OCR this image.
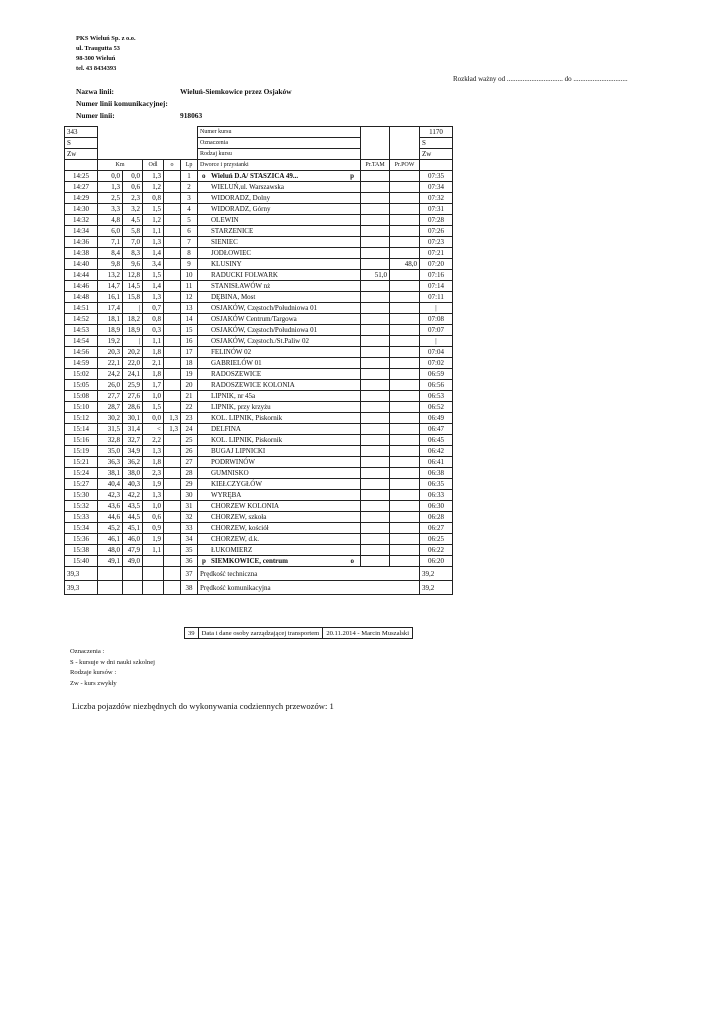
PKS Wieluń Sp. z o.o.
ul. Traugutta 53
98-300 Wieluń
tel. 43 8434393
Rozkład ważny od ................................ do ...............................
Nazwa linii:	Wieluń-Siemkowice przez Osjaków
Numer linii komunikacyjnej:
Numer linii:	918063
343						Numer kursu			1170
S						Oznaczenia			S
Zw						Rodzaj kursu			Zw
	Km		Odl	o	Lp	Dworce i przystanki	Pr.TAM	Pr.POW	
14:25	0,0	0,0	1,3		1	o Wieluń D.A/ STASZICA 49... p			07:35
14:27	1,3	0,6	1,2		2	WIELUŃ,ul. Warszawska			07:34
14:29	2,5	2,3	0,8		3	WIDORADZ, Dolny			07:32
14:30	3,3	3,2	1,5		4	WIDORADZ, Górny			07:31
14:32	4,8	4,5	1,2		5	OLEWIN			07:28
14:34	6,0	5,8	1,1		6	STARZENICE			07:26
14:36	7,1	7,0	1,3		7	SIENIEC			07:23
14:38	8,4	8,3	1,4		8	JODŁOWIEC			07:21
14:40	9,8	9,6	3,4		9	KLUSINY		48,0	07:20
14:44	13,2	12,8	1,5		10	RADUCKI FOLWARK	51,0		07:16
14:46	14,7	14,5	1,4		11	STANISŁAWÓW nż			07:14
14:48	16,1	15,8	1,3		12	DĘBINA, Most			07:11
14:51	17,4	|	0,7		13	OSJAKÓW, Częstoch/Południowa 01			|
14:52	18,1	18,2	0,8		14	OSJAKÓW Centrum/Targowa			07:08
14:53	18,9	18,9	0,3		15	OSJAKÓW, Częstoch/Południowa 01			07:07
14:54	19,2	|	1,1		16	OSJAKÓW, Częstoch./St.Paliw 02			|
14:56	20,3	20,2	1,8		17	FELINÓW 02			07:04
14:59	22,1	22,0	2,1		18	GABRIELÓW 01			07:02
15:02	24,2	24,1	1,8		19	RADOSZEWICE			06:59
15:05	26,0	25,9	1,7		20	RADOSZEWICE KOLONIA			06:56
15:08	27,7	27,6	1,0		21	LIPNIK, nr 45a			06:53
15:10	28,7	28,6	1,5		22	LIPNIK, przy krzyżu			06:52
15:12	30,2	30,1	0,0	1,3	23	KOL. LIPNIK, Piskornik			06:49
15:14	31,5	31,4	<	1,3	24	DELFINA			06:47
15:16	32,8	32,7	2,2		25	KOL. LIPNIK, Piskornik			06:45
15:19	35,0	34,9	1,3		26	BUGAJ LIPNICKI			06:42
15:21	36,3	36,2	1,8		27	PODRWINÓW			06:41
15:24	38,1	38,0	2,3		28	GUMNISKO			06:38
15:27	40,4	40,3	1,9		29	KIEŁCZYGŁÓW			06:35
15:30	42,3	42,2	1,3		30	WYRĘBA			06:33
15:32	43,6	43,5	1,0		31	CHORZEW KOLONIA			06:30
15:33	44,6	44,5	0,6		32	CHORZEW, szkoła			06:28
15:34	45,2	45,1	0,9		33	CHORZEW, kościół			06:27
15:36	46,1	46,0	1,9		34	CHORZEW, d.k.			06:25
15:38	48,0	47,9	1,1		35	ŁUKOMIERZ			06:22
15:40	49,1	49,0			36	p SIEMKOWICE, centrum o			06:20
39,3					37	Prędkość techniczna			39,2
39,3					38	Prędkość komunikacyjna			39,2
39	Data i dane osoby zarządzającej transportem	20.11.2014 - Marcin Muszalski
Oznaczenia :
S - kursuje w dni nauki szkolnej
Rodzaje kursów :
Zw - kurs zwykły
Liczba pojazdów niezbędnych do wykonywania codziennych przewozów: 1
